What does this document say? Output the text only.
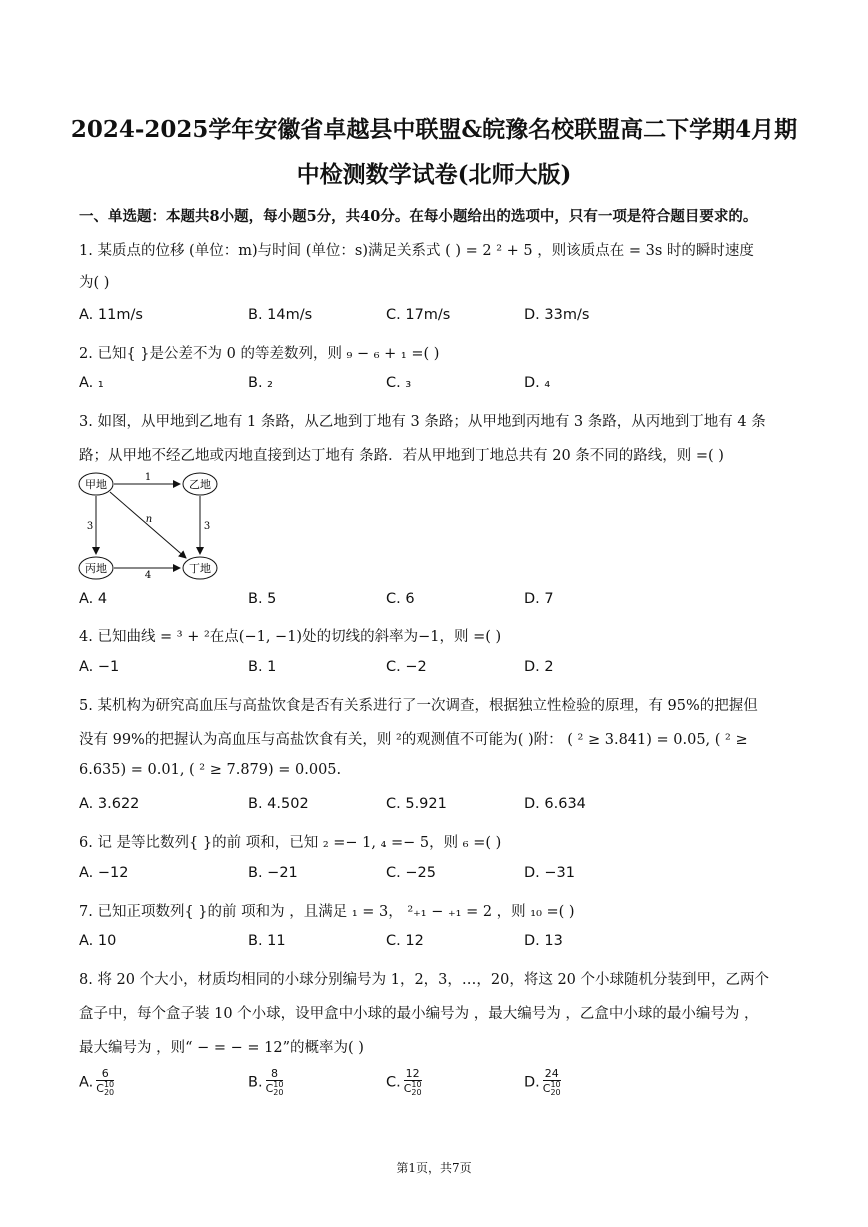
2024-2025学年安徽省卓越县中联盟&皖豫名校联盟高二下学期4月期
中检测数学试卷(北师大版)
一、单选题：本题共8小题，每小题5分，共40分。在每小题给出的选项中，只有一项是符合题目要求的。
1. 某质点的位移 (单位：m)与时间 (单位：s)满足关系式 ( ) = 2 ² + 5 ，则该质点在 = 3s 时的瞬时速度
为( )
A. 11m/s	B. 14m/s	C. 17m/s	D. 33m/s
2. 已知{ }是公差不为 0 的等差数列，则 ₉ − ₆ + ₁ =( )
A. ₁	B. ₂	C. ₃	D. ₄
3. 如图，从甲地到乙地有 1 条路，从乙地到丁地有 3 条路；从甲地到丙地有 3 条路，从丙地到丁地有 4 条
路；从甲地不经乙地或丙地直接到达丁地有 条路．若从甲地到丁地总共有 20 条不同的路线，则 =( )
甲地	乙地
丙地	丁地
1
3	3
4
n
A. 4	B. 5	C. 6	D. 7
4. 已知曲线 = ³ + ²在点(−1, −1)处的切线的斜率为−1，则 =( )
A. −1	B. 1	C. −2	D. 2
5. 某机构为研究高血压与高盐饮食是否有关系进行了一次调查，根据独立性检验的原理，有 95%的把握但
没有 99%的把握认为高血压与高盐饮食有关，则 ²的观测值不可能为( )附： ( ² ≥ 3.841) = 0.05, ( ² ≥
6.635) = 0.01, ( ² ≥ 7.879) = 0.005.
A. 3.622	B. 4.502	C. 5.921	D. 6.634
6. 记 是等比数列{ }的前 项和，已知 ₂ =− 1, ₄ =− 5，则 ₆ =( )
A. −12	B. −21	C. −25	D. −31
7. 已知正项数列{ }的前 项和为 ，且满足 ₁ = 3， ²₊₁ − ₊₁ = 2 ，则 ₁₀ =( )
A. 10	B. 11	C. 12	D. 13
8. 将 20 个大小，材质均相同的小球分别编号为 1，2，3，…，20，将这 20 个小球随机分装到甲，乙两个
盒子中，每个盒子装 10 个小球，设甲盒中小球的最小编号为 ，最大编号为 ，乙盒中小球的最小编号为 ，
最大编号为 ，则“ − = − = 12”的概率为( )
A. 6
C 10
20	B. 8
C 10
20	C. 12
C 10
20	D. 24
C 10
20
第1页，共7页
